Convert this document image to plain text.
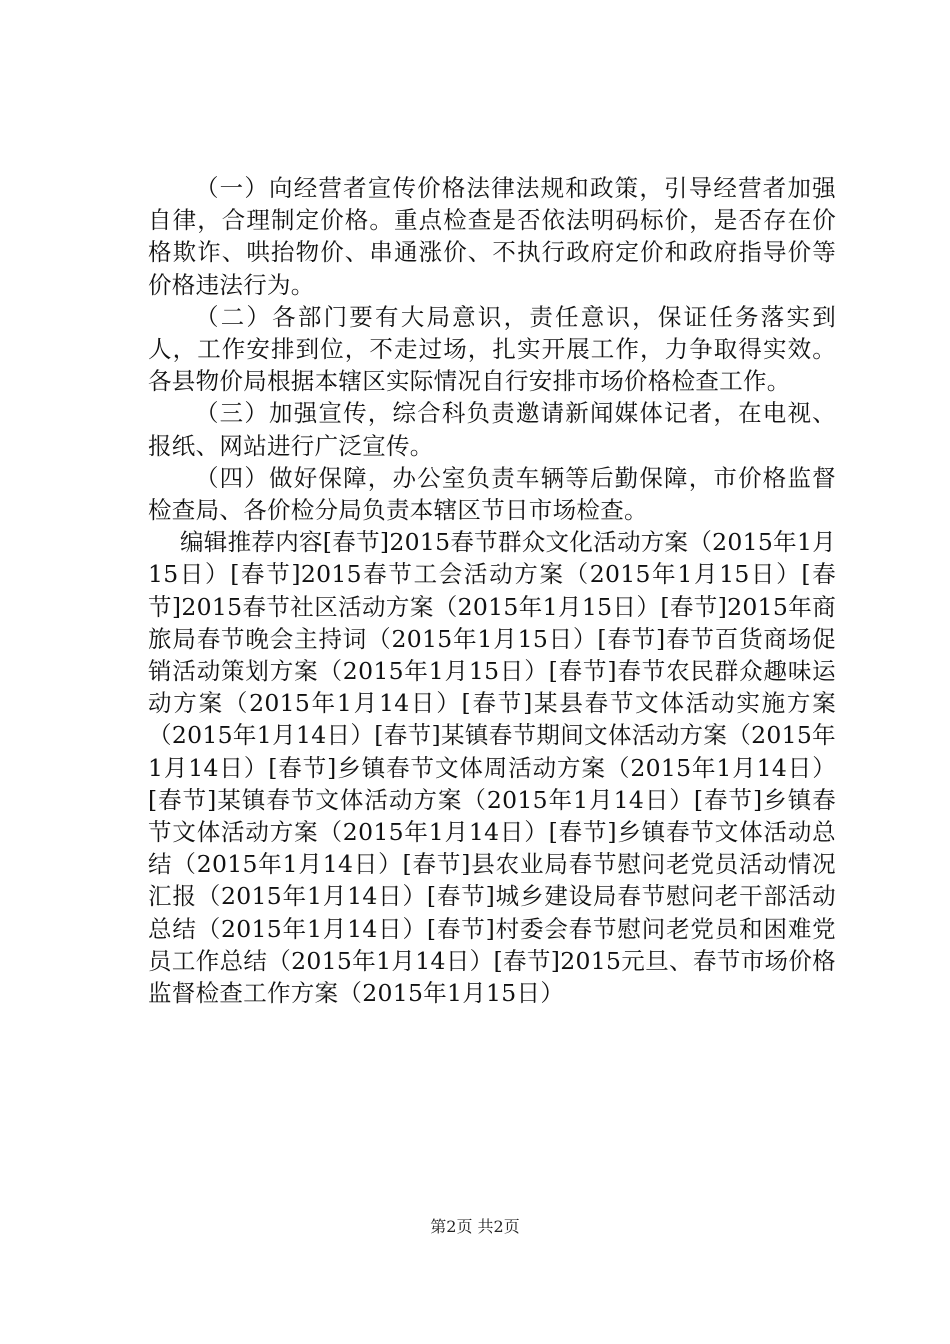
（一）向经营者宣传价格法律法规和政策，引导经营者加强自律，合理制定价格。重点检查是否依法明码标价，是否存在价格欺诈、哄抬物价、串通涨价、不执行政府定价和政府指导价等价格违法行为。

（二）各部门要有大局意识，责任意识，保证任务落实到人，工作安排到位，不走过场，扎实开展工作，力争取得实效。各县物价局根据本辖区实际情况自行安排市场价格检查工作。

（三）加强宣传，综合科负责邀请新闻媒体记者，在电视、报纸、网站进行广泛宣传。

（四）做好保障，办公室负责车辆等后勤保障，市价格监督检查局、各价检分局负责本辖区节日市场检查。

编辑推荐内容[春节]2015春节群众文化活动方案（2015年1月15日）[春节]2015春节工会活动方案（2015年1月15日）[春节]2015春节社区活动方案（2015年1月15日）[春节]2015年商旅局春节晚会主持词（2015年1月15日）[春节]春节百货商场促销活动策划方案（2015年1月15日）[春节]春节农民群众趣味运动方案（2015年1月14日）[春节]某县春节文体活动实施方案（2015年1月14日）[春节]某镇春节期间文体活动方案（2015年1月14日）[春节]乡镇春节文体周活动方案（2015年1月14日）[春节]某镇春节文体活动方案（2015年1月14日）[春节]乡镇春节文体活动方案（2015年1月14日）[春节]乡镇春节文体活动总结（2015年1月14日）[春节]县农业局春节慰问老党员活动情况汇报（2015年1月14日）[春节]城乡建设局春节慰问老干部活动总结（2015年1月14日）[春节]村委会春节慰问老党员和困难党员工作总结（2015年1月14日）[春节]2015元旦、春节市场价格监督检查工作方案（2015年1月15日）

第2页 共2页
